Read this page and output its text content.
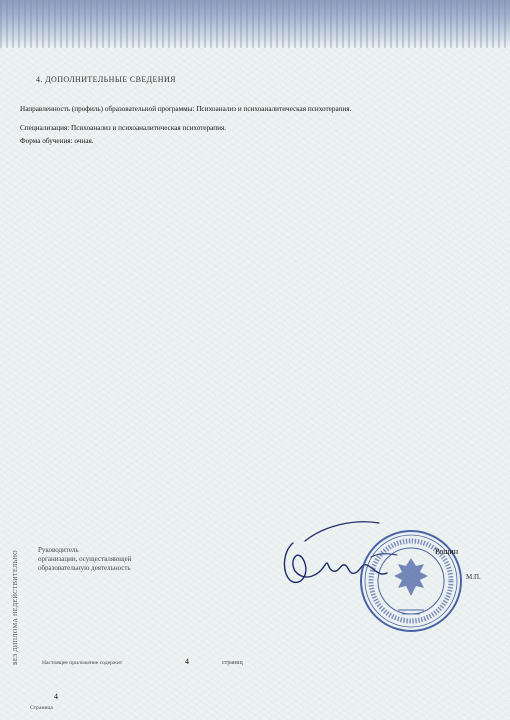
4. ДОПОЛНИТЕЛЬНЫЕ СВЕДЕНИЯ
Направленность (профиль) образовательной программы: Психоанализ и психоаналитическая психотерапия.
Специализация: Психоанализ и психоаналитическая психотерапия.
Форма обучения: очная.
БЕЗ ДИПЛОМА НЕДЕЙСТВИТЕЛЬНО
Руководитель
организации, осуществляющей
образовательную деятельность
Рощин
М.П.
Настоящее приложение содержит	4	страниц
4
Страница
